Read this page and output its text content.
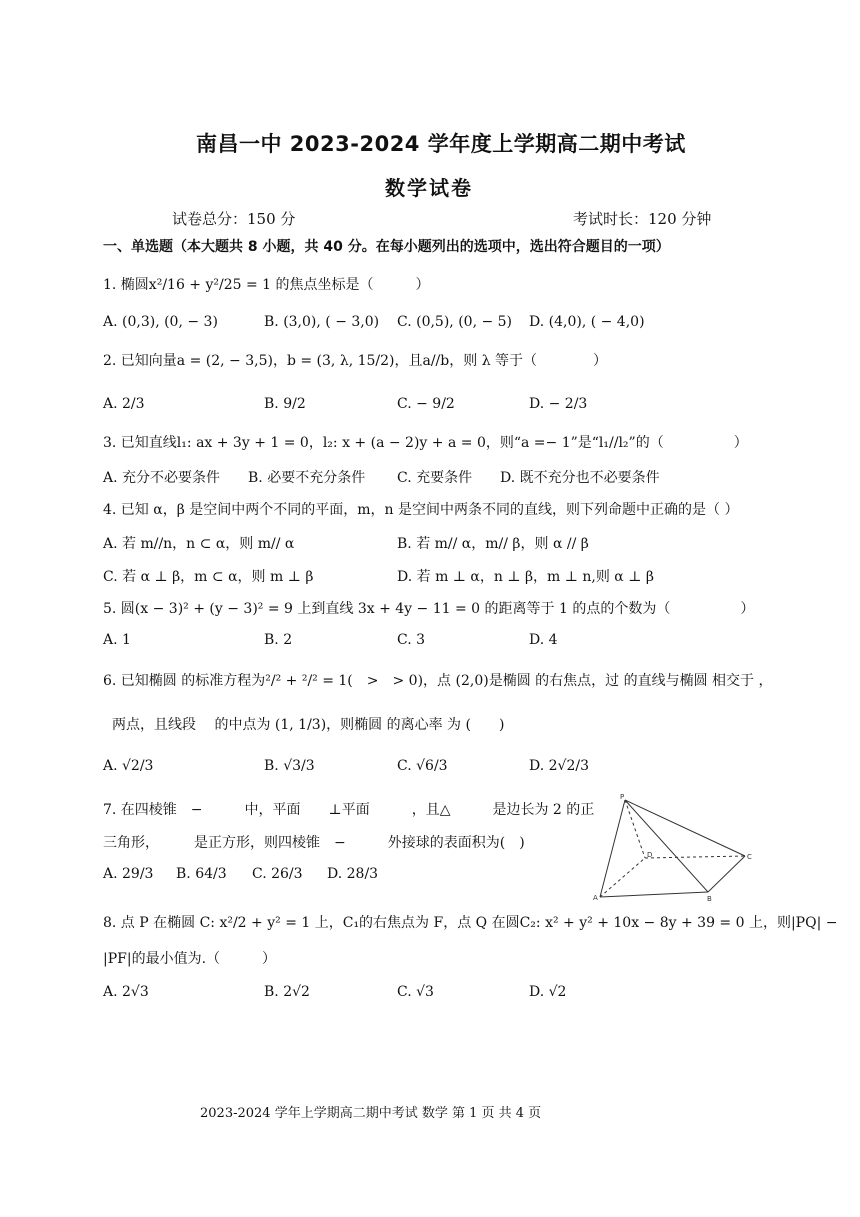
南昌一中 2023-2024 学年度上学期高二期中考试
数学试卷
试卷总分：150 分	考试时长：120 分钟
一、单选题（本大题共 8 小题，共 40 分。在每小题列出的选项中，选出符合题目的一项）
1. 椭圆x²/16 + y²/25 = 1 的焦点坐标是（　　　）
A. (0,3), (0, − 3)	B. (3,0), ( − 3,0) C. (0,5), (0, − 5) D. (4,0), ( − 4,0)
2. 已知向量a = (2, − 3,5)，b = (3, λ, 15/2)，且a//b，则 λ 等于（　　　　）
A. 2/3	B. 9/2	C. − 9/2	D. − 2/3
3. 已知直线l₁: ax + 3y + 1 = 0，l₂: x + (a − 2)y + a = 0，则“a =− 1”是“l₁//l₂”的（　　　　　）
A. 充分不必要条件 B. 必要不充分条件 C. 充要条件 D. 既不充分也不必要条件
4. 已知 α，β 是空间中两个不同的平面，m，n 是空间中两条不同的直线，则下列命题中正确的是（ ）
A. 若 m//n，n ⊂ α，则 m// α	B. 若 m// α，m// β，则 α // β
C. 若 α ⊥ β，m ⊂ α，则 m ⊥ β	D. 若 m ⊥ α，n ⊥ β，m ⊥ n,则 α ⊥ β
5. 圆(x − 3)² + (y − 3)² = 9 上到直线 3x + 4y − 11 = 0 的距离等于 1 的点的个数为（　　　　　）
A. 1	B. 2	C. 3	D. 4
6. 已知椭圆 的标准方程为²/² + ²/² = 1(　>　> 0)，点 (2,0)是椭圆 的右焦点，过 的直线与椭圆 相交于 ，
两点，且线段　 的中点为 (1, 1/3)，则椭圆 的离心率 为 (　　)
A. √2/3	B. √3/3	C. √6/3	D. 2√2/3
7. 在四棱锥　−　　　中，平面　　⊥平面　　　，且△　　　是边长为 2 的正
三角形，　　　是正方形，则四棱锥　−　　　外接球的表面积为(　)
A. 29/3 B. 64/3 C. 26/3 D. 28/3
P
D	C
A	B
8. 点 P 在椭圆 C: x²/2 + y² = 1 上，C₁的右焦点为 F，点 Q 在圆C₂: x² + y² + 10x − 8y + 39 = 0 上，则|PQ| −
|PF|的最小值为.（　　　）
A. 2√3	B. 2√2	C. √3	D. √2
2023-2024 学年上学期高二期中考试 数学 第 1 页 共 4 页
